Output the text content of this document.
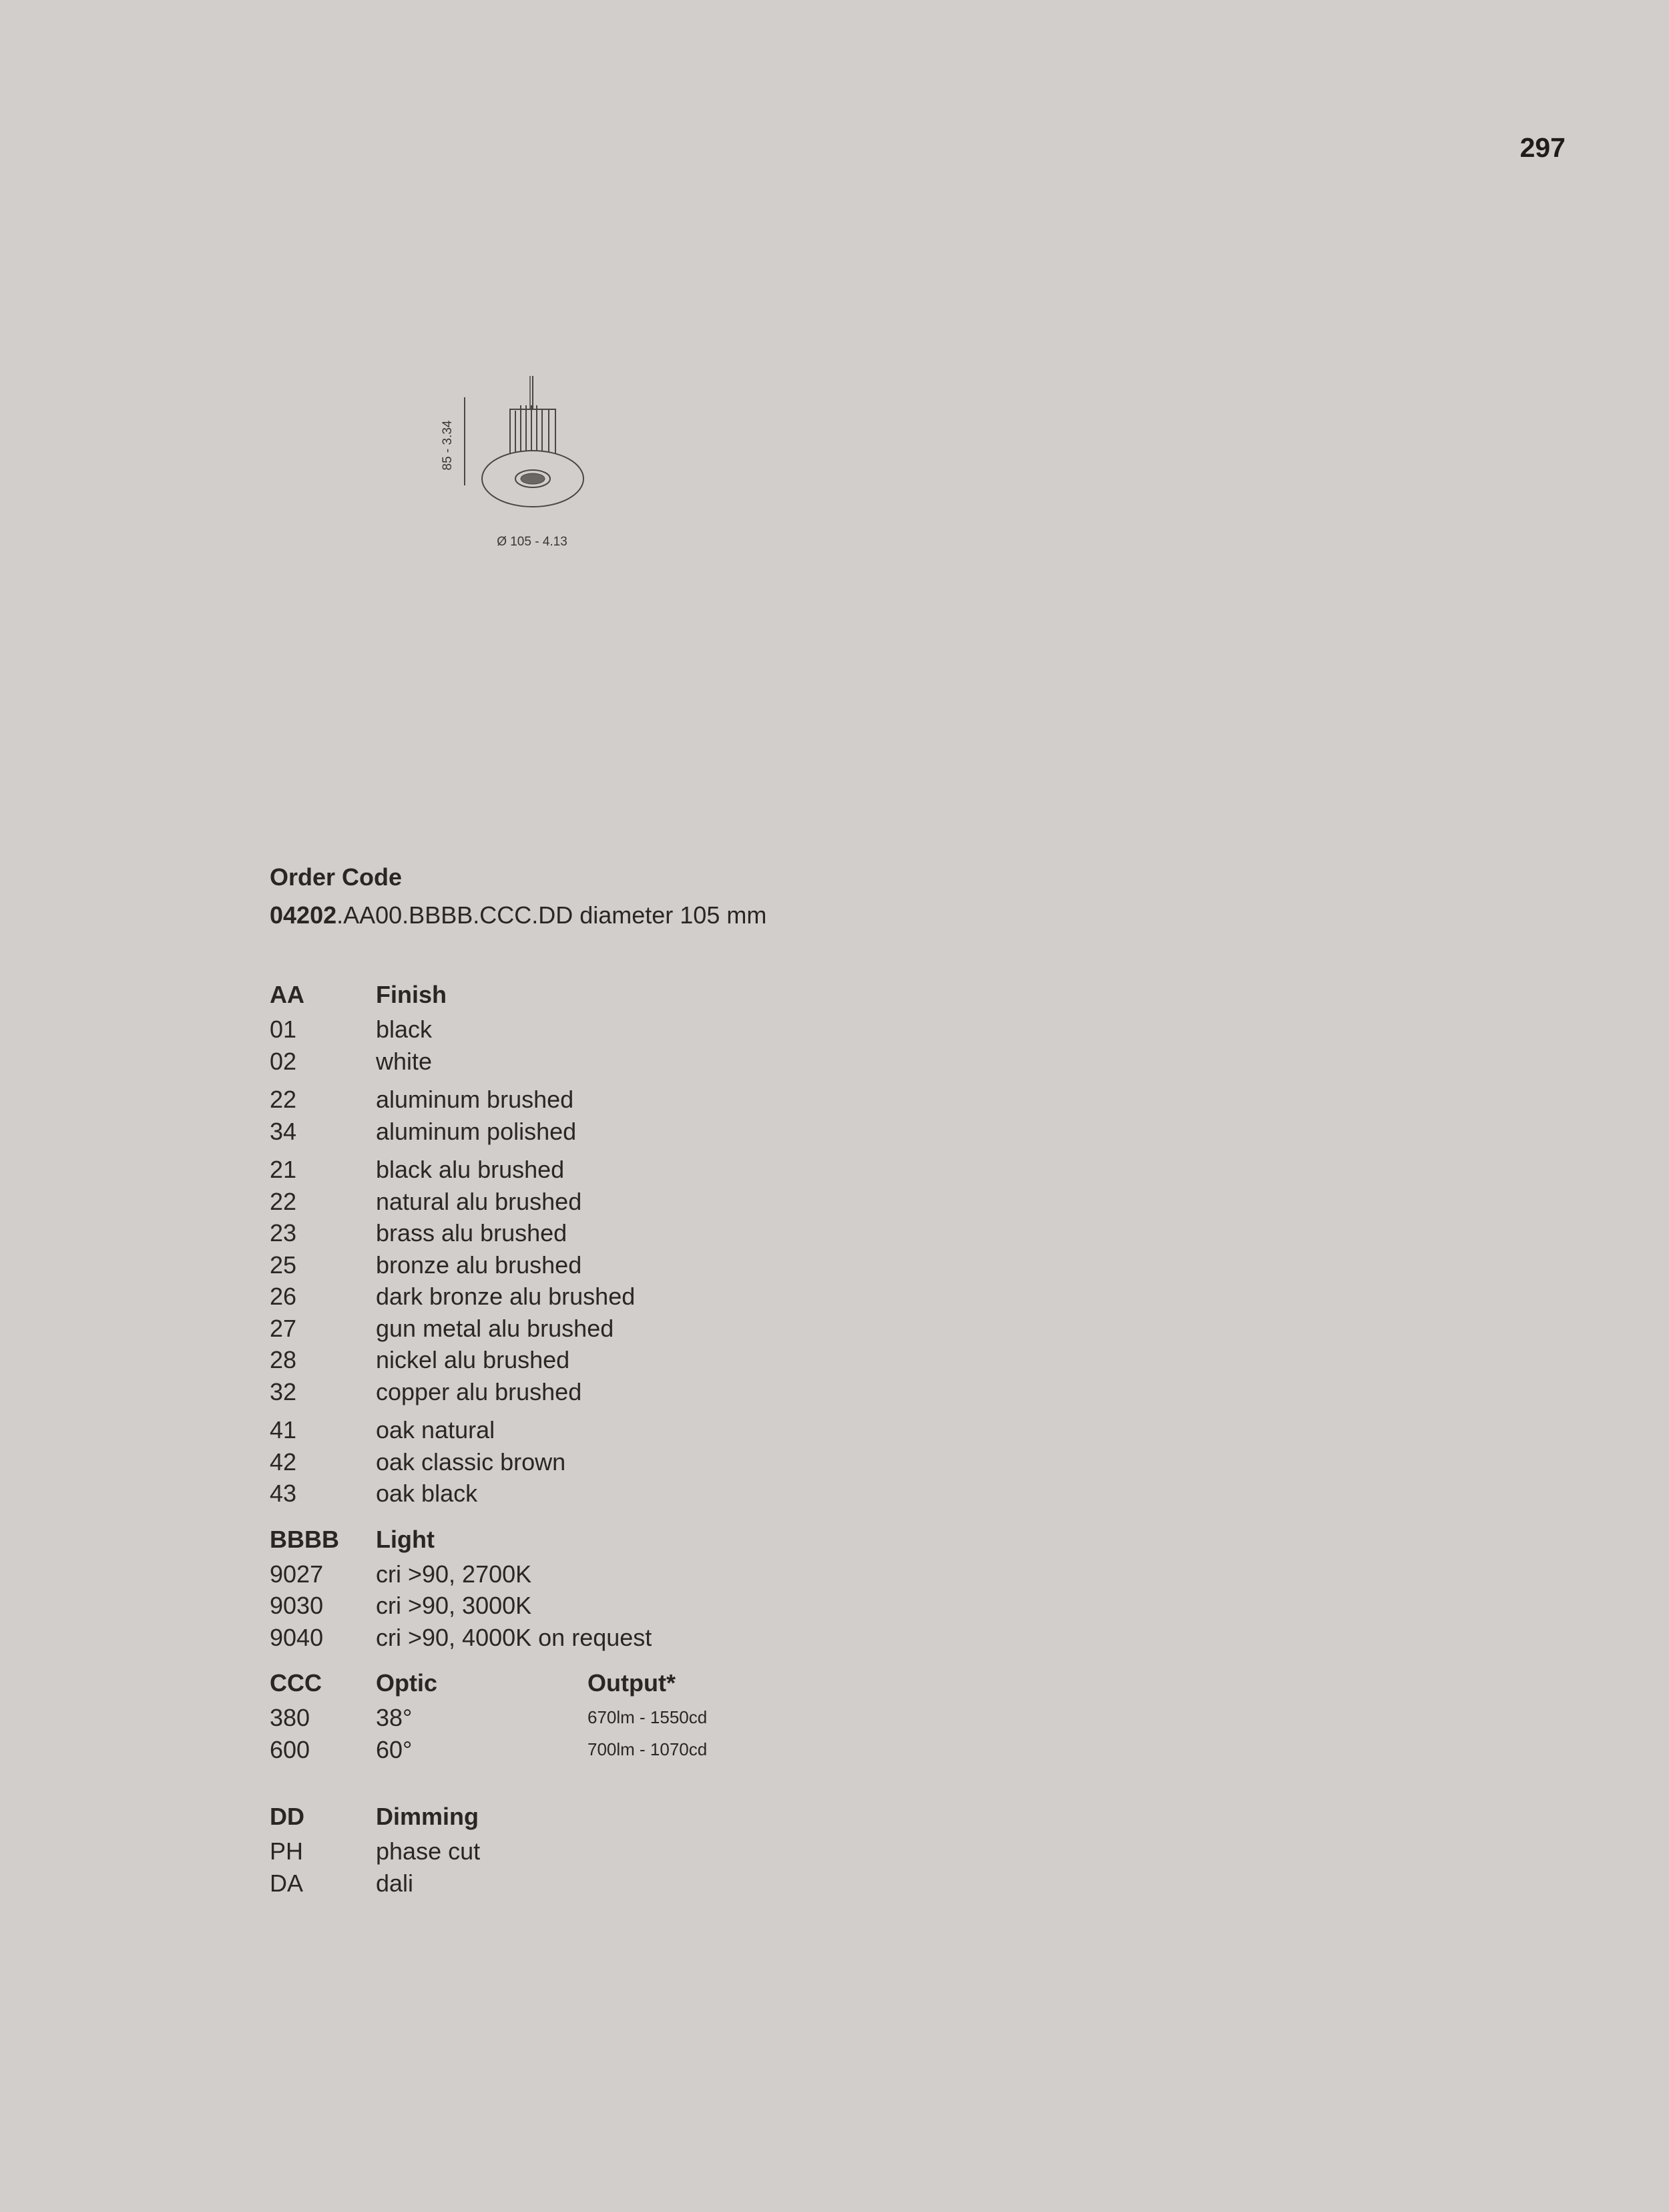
297
85 - 3.34
Ø 105 - 4.13
Order Code
04202.AA00.BBBB.CCC.DD diameter 105 mm
AA	Finish
01	black
02	white
22	aluminum brushed
34	aluminum polished
21	black alu brushed
22	natural alu brushed
23	brass alu brushed
25	bronze alu brushed
26	dark bronze alu brushed
27	gun metal alu brushed
28	nickel alu brushed
32	copper alu brushed
41	oak natural
42	oak classic brown
43	oak black
BBBB	Light
9027	cri >90, 2700K
9030	cri >90, 3000K
9040	cri >90, 4000K on request
CCC	Optic	Output*
380	38°	670lm - 1550cd
600	60°	700lm - 1070cd
DD	Dimming
PH	phase cut
DA	dali
